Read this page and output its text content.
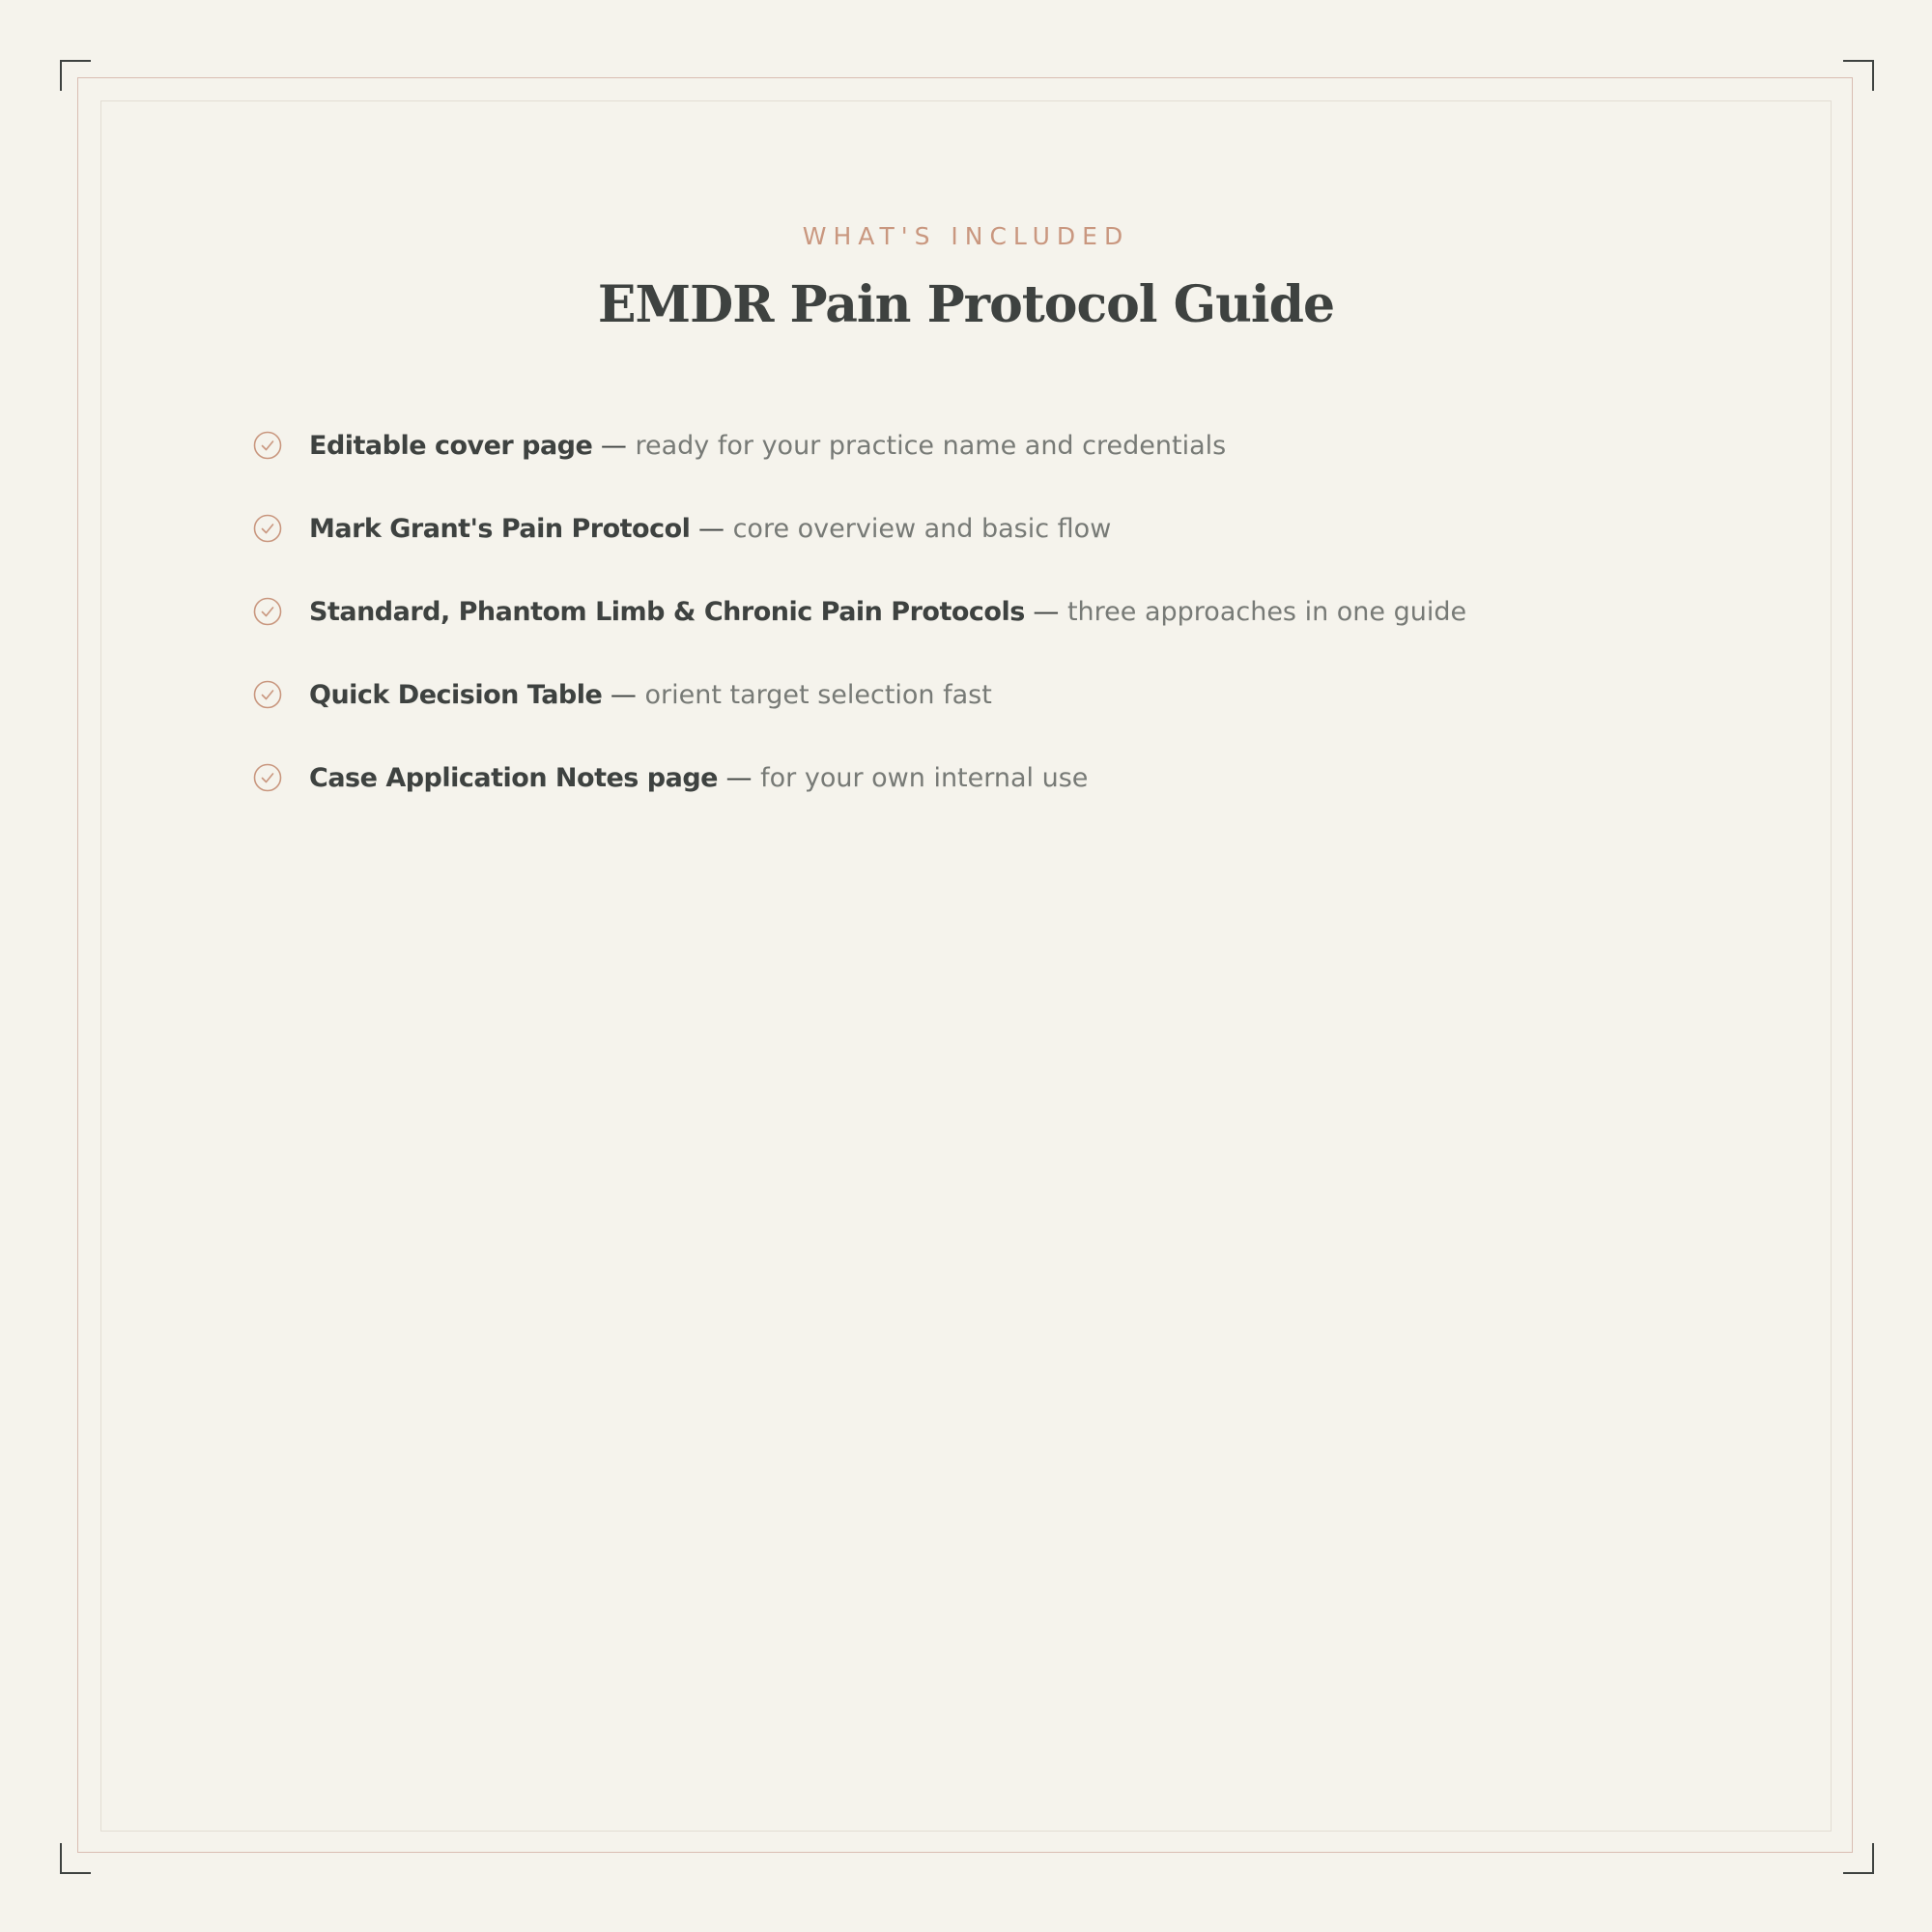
WHAT'S INCLUDED
EMDR Pain Protocol Guide
Editable cover page — ready for your practice name and credentials
Mark Grant's Pain Protocol — core overview and basic flow
Standard, Phantom Limb & Chronic Pain Protocols — three approaches in one guide
Quick Decision Table — orient target selection fast
Case Application Notes page — for your own internal use
